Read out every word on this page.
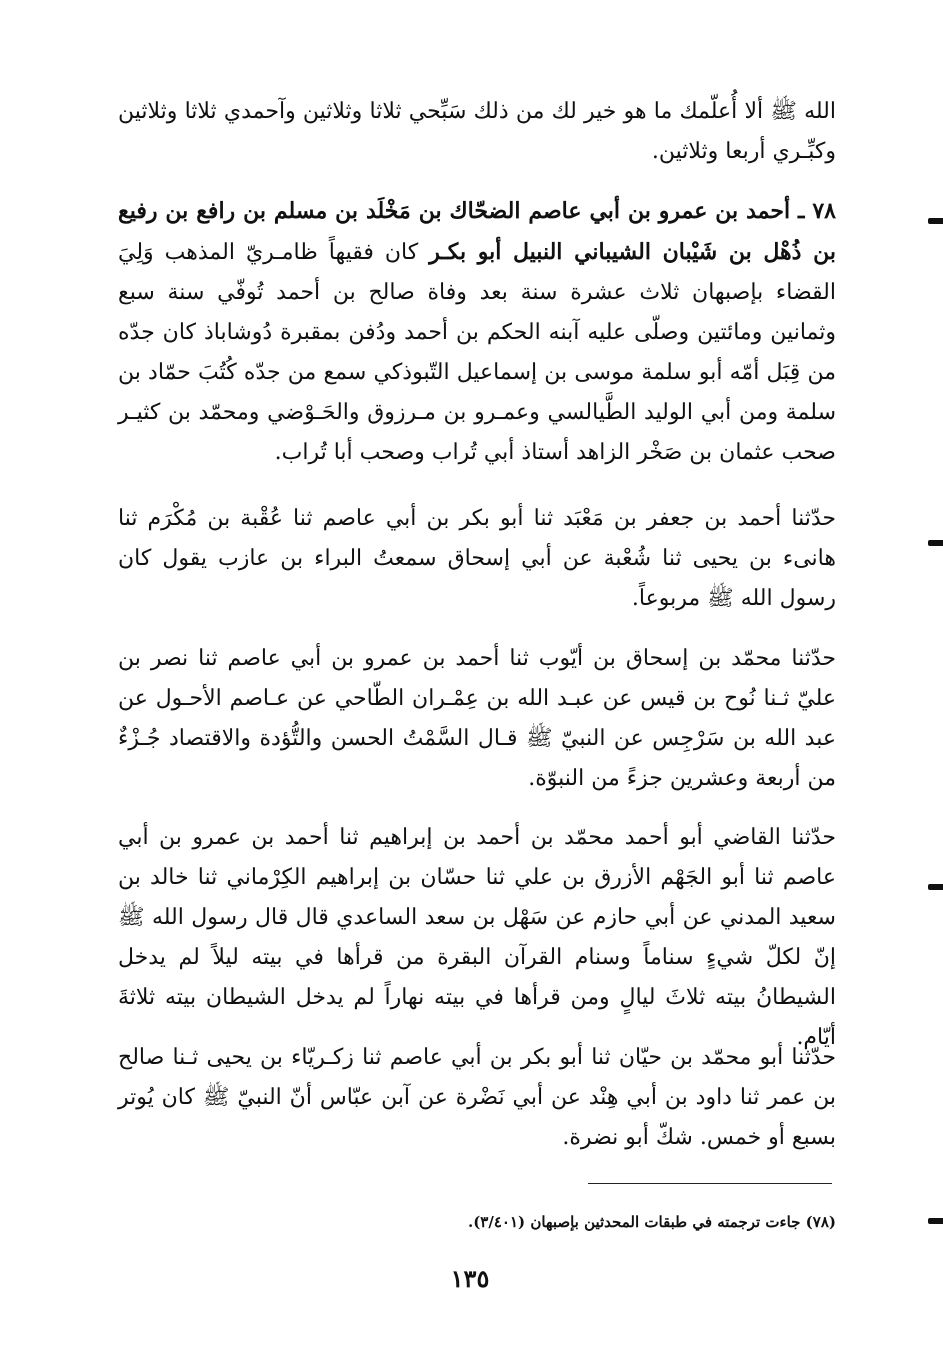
الله ﷺ ألا أُعلّمك ما هو خير لك من ذلك سَبِّحي ثلاثا وثلاثين وآحمدي ثلاثا وثلاثين وكبِّـري أربعا وثلاثين.

٧٨ ـ أحمد بن عمرو بن أبي عاصم الضحّاك بن مَخْلَد بن مسلم بن رافع بن رفيع بن ذُهْل بن شَيْبان الشيباني النبيل أبو بكـر كان فقيهاً ظامـريّ المذهب وَلِيَ القضاء بإصبهان ثلاث عشرة سنة بعد وفاة صالح بن أحمد تُوفّي سنة سبع وثمانين ومائتين وصلّى عليه آبنه الحكم بن أحمد ودُفن بمقبرة دُوشاباذ كان جدّه من قِبَل أمّه أبو سلمة موسى بن إسماعيل التّبوذكي سمع من جدّه كُتُبَ حمّاد بن سلمة ومن أبي الوليد الطَّيالسي وعمـرو بن مـرزوق والحَـوْضي ومحمّد بن كثيـر صحب عثمان بن صَخْر الزاهد أستاذ أبي تُراب وصحب أبا تُراب.

حدّثنا أحمد بن جعفر بن مَعْبَد ثنا أبو بكر بن أبي عاصم ثنا عُقْبة بن مُكْرَم ثنا هانىء بن يحيى ثنا شُعْبة عن أبي إسحاق سمعتُ البراء بن عازب يقول كان رسول الله ﷺ مربوعاً.

حدّثنا محمّد بن إسحاق بن أيّوب ثنا أحمد بن عمرو بن أبي عاصم ثنا نصر بن عليّ ثـنا نُوح بن قيس عن عبـد الله بن عِمْـران الطّاحي عن عـاصم الأحـول عن عبد الله بن سَرْجِس عن النبيّ ﷺ قـال السَّمْتُ الحسن والتُّؤدة والاقتصاد جُـزْءٌ من أربعة وعشرين جزءً من النبوّة.

حدّثنا القاضي أبو أحمد محمّد بن أحمد بن إبراهيم ثنا أحمد بن عمرو بن أبي عاصم ثنا أبو الجَهْم الأزرق بن علي ثنا حسّان بن إبراهيم الكِرْماني ثنا خالد بن سعيد المدني عن أبي حازم عن سَهْل بن سعد الساعدي قال قال رسول الله ﷺ إنّ لكلّ شيءٍ سناماً وسنام القرآن البقرة من قرأها في بيته ليلاً لم يدخل الشيطانُ بيته ثلاثَ ليالٍ ومن قرأها في بيته نهاراً لم يدخل الشيطان بيته ثلاثةَ أيّام.

حدّثنا أبو محمّد بن حيّان ثنا أبو بكر بن أبي عاصم ثنا زكـريّاء بن يحيى ثـنا صالح بن عمر ثنا داود بن أبي هِنْد عن أبي نَضْرة عن آبن عبّاس أنّ النبيّ ﷺ كان يُوتر بسبع أو خمس. شكّ أبو نضرة.

(٧٨) جاءت ترجمته في طبقات المحدثين بإصبهان (٣/٤٠١).

١٣٥
